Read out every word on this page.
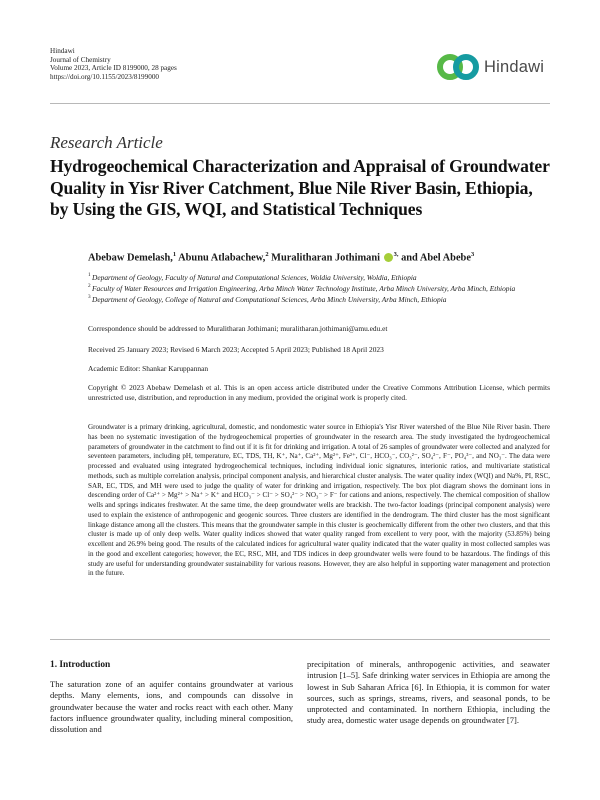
Hindawi
Journal of Chemistry
Volume 2023, Article ID 8199000, 28 pages
https://doi.org/10.1155/2023/8199000
Hindawi
Research Article
Hydrogeochemical Characterization and Appraisal of Groundwater Quality in Yisr River Catchment, Blue Nile River Basin, Ethiopia, by Using the GIS, WQI, and Statistical Techniques
Abebaw Demelash,$^1$ Abunu Atlabachew,$^2$ Muralitharan Jothimani $^{3,}$ and Abel Abebe$^3$
1 Department of Geology, Faculty of Natural and Computational Sciences, Woldia University, Woldia, Ethiopia
2 Faculty of Water Resources and Irrigation Engineering, Arba Minch Water Technology Institute, Arba Minch University, Arba Minch, Ethiopia
3 Department of Geology, College of Natural and Computational Sciences, Arba Minch University, Arba Minch, Ethiopia
Correspondence should be addressed to Muralitharan Jothimani; muralitharan.jothimani@amu.edu.et
Received 25 January 2023; Revised 6 March 2023; Accepted 5 April 2023; Published 18 April 2023
Academic Editor: Shankar Karuppannan
Copyright © 2023 Abebaw Demelash et al. This is an open access article distributed under the Creative Commons Attribution License, which permits unrestricted use, distribution, and reproduction in any medium, provided the original work is properly cited.
Groundwater is a primary drinking, agricultural, domestic, and nondomestic water source in Ethiopia's Yisr River watershed of the Blue Nile River basin. There has been no systematic investigation of the hydrogeochemical properties of groundwater in the research area. The study investigated the hydrogeochemical parameters of groundwater in the catchment to find out if it is fit for drinking and irrigation. A total of 26 samples of groundwater were collected and analyzed for seventeen parameters, including pH, temperature, EC, TDS, TH, K⁺, Na⁺, Ca²⁺, Mg²⁺, Fe²⁺, Cl⁻, HCO₃⁻, CO₃²⁻, SO₄²⁻, F⁻, PO₄³⁻, and NO₃⁻. The data were processed and evaluated using integrated hydrogeochemical techniques, including individual ionic signatures, interionic ratios, and multivariate statistical methods, such as multiple correlation analysis, principal component analysis, and hierarchical cluster analysis. The water quality index (WQI) and Na%, PI, RSC, SAR, EC, TDS, and MH were used to judge the quality of water for drinking and irrigation, respectively. The box plot diagram shows the dominant ions in descending order of Ca²⁺ > Mg²⁺ > Na⁺ > K⁺ and HCO₃⁻ > Cl⁻ > SO₄²⁻ > NO₃⁻ > F⁻ for cations and anions, respectively. The chemical composition of shallow wells and springs indicates freshwater. At the same time, the deep groundwater wells are brackish. The two-factor loadings (principal component analysis) were used to explain the existence of anthropogenic and geogenic sources. Three clusters are identified in the dendrogram. The third cluster has the most significant linkage distance among all the clusters. This means that the groundwater sample in this cluster is geochemically different from the other two clusters, and that this cluster is made up of only deep wells. Water quality indices showed that water quality ranged from excellent to very poor, with the majority (53.85%) being excellent and 26.9% being good. The results of the calculated indices for agricultural water quality indicated that the water quality in most collected samples was in the good and excellent categories; however, the EC, RSC, MH, and TDS indices in deep groundwater wells were found to be hazardous. The findings of this study are useful for understanding groundwater sustainability for various reasons. However, they are also helpful in supporting water management and protection in the future.
1. Introduction
The saturation zone of an aquifer contains groundwater at various depths. Many elements, ions, and compounds can dissolve in groundwater because the water and rocks react with each other. Many factors influence groundwater quality, including mineral composition, dissolution and
precipitation of minerals, anthropogenic activities, and seawater intrusion [1–5]. Safe drinking water services in Ethiopia are among the lowest in Sub Saharan Africa [6]. In Ethiopia, it is common for water sources, such as springs, streams, rivers, and seasonal ponds, to be unprotected and contaminated. In northern Ethiopia, including the study area, domestic water usage depends on groundwater [7].
